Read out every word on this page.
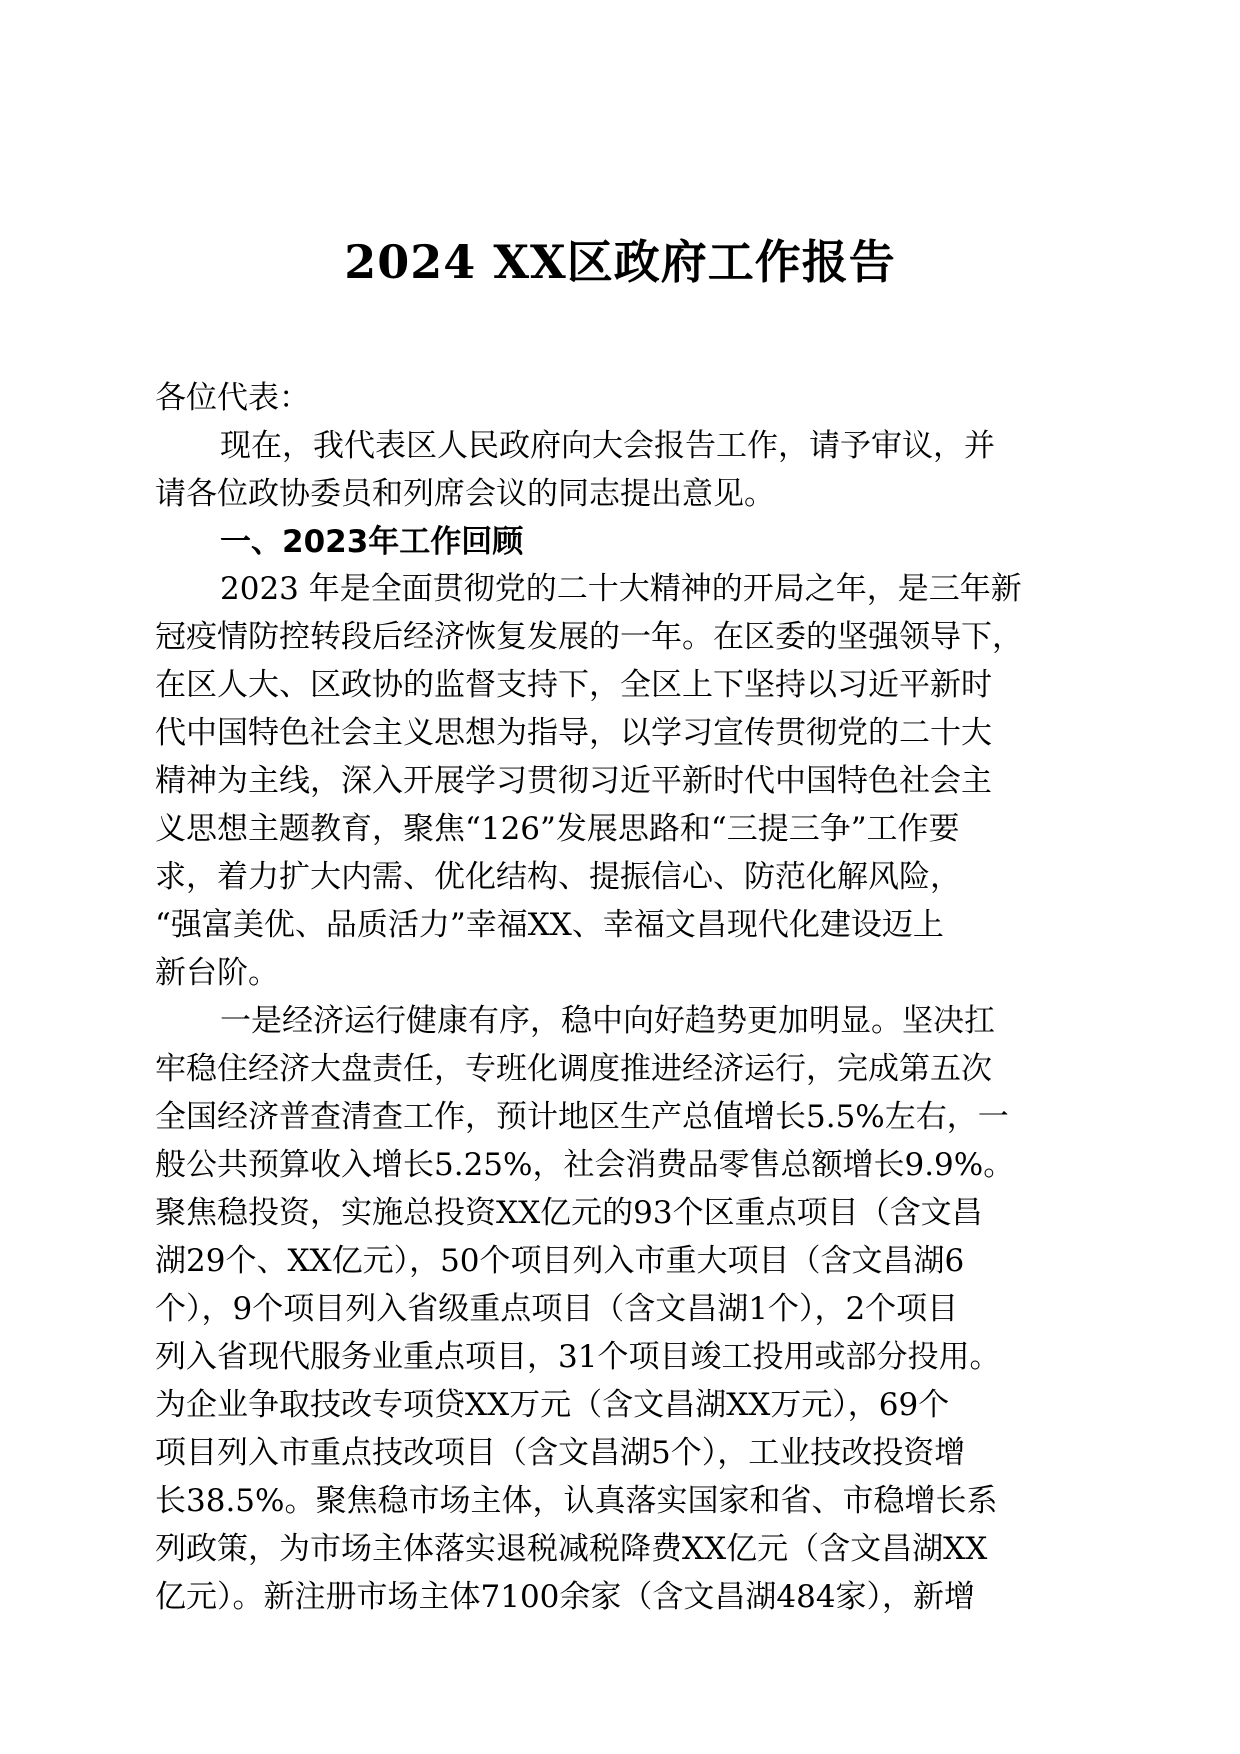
2024 XX区政府工作报告
各位代表：
现在，我代表区人民政府向大会报告工作，请予审议，并
请各位政协委员和列席会议的同志提出意见。
一、2023年工作回顾
2023 年是全面贯彻党的二十大精神的开局之年，是三年新
冠疫情防控转段后经济恢复发展的一年。在区委的坚强领导下，
在区人大、区政协的监督支持下，全区上下坚持以习近平新时
代中国特色社会主义思想为指导，以学习宣传贯彻党的二十大
精神为主线，深入开展学习贯彻习近平新时代中国特色社会主
义思想主题教育，聚焦“126”发展思路和“三提三争”工作要
求，着力扩大内需、优化结构、提振信心、防范化解风险，
“强富美优、品质活力”幸福XX、幸福文昌现代化建设迈上
新台阶。
一是经济运行健康有序，稳中向好趋势更加明显。坚决扛
牢稳住经济大盘责任，专班化调度推进经济运行，完成第五次
全国经济普查清查工作，预计地区生产总值增长5.5%左右，一
般公共预算收入增长5.25%，社会消费品零售总额增长9.9%。
聚焦稳投资，实施总投资XX亿元的93个区重点项目（含文昌
湖29个、XX亿元），50个项目列入市重大项目（含文昌湖6
个），9个项目列入省级重点项目（含文昌湖1个），2个项目
列入省现代服务业重点项目，31个项目竣工投用或部分投用。
为企业争取技改专项贷XX万元（含文昌湖XX万元），69个
项目列入市重点技改项目（含文昌湖5个），工业技改投资增
长38.5%。聚焦稳市场主体，认真落实国家和省、市稳增长系
列政策，为市场主体落实退税减税降费XX亿元（含文昌湖XX
亿元）。新注册市场主体7100余家（含文昌湖484家），新增
